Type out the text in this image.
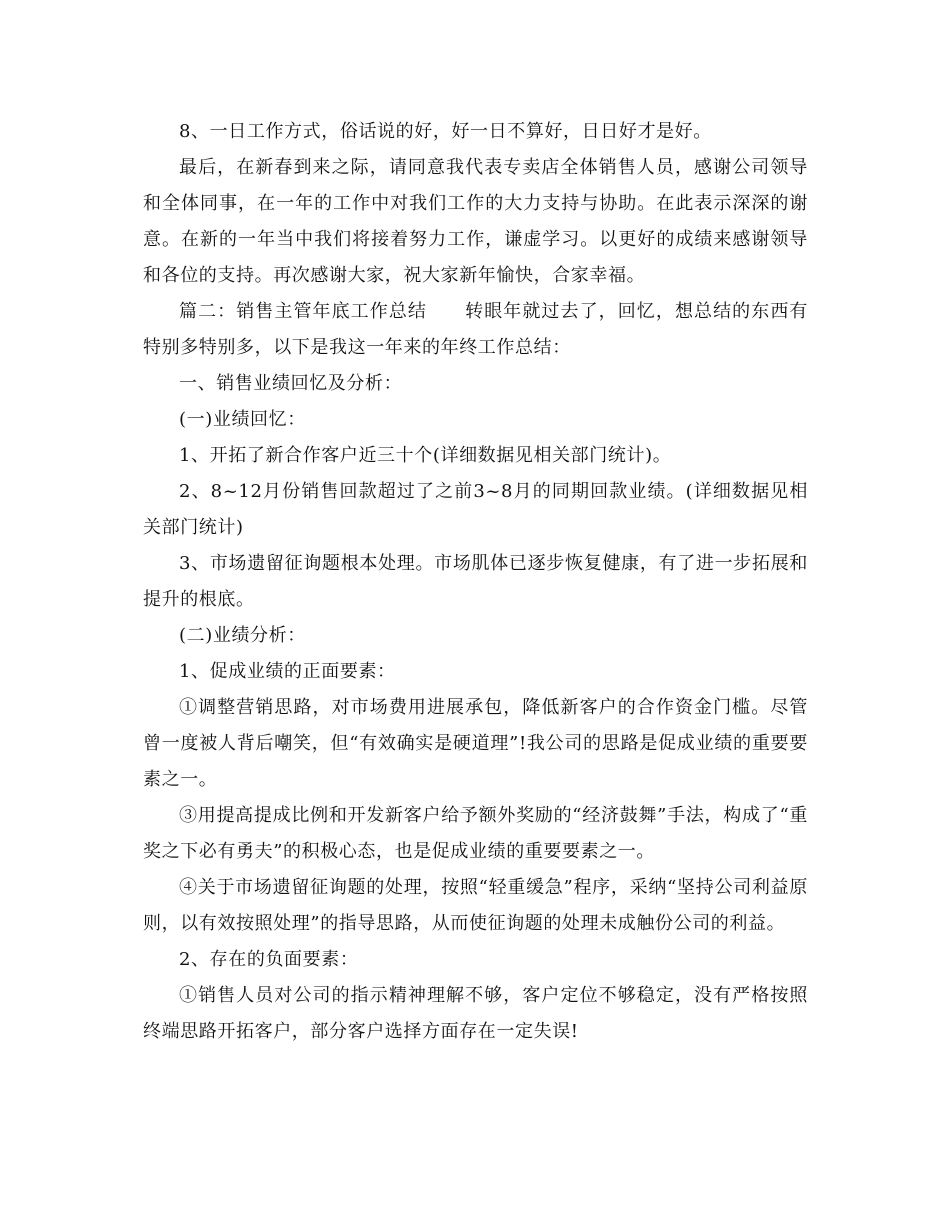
8、一日工作方式，俗话说的好，好一日不算好，日日好才是好。

最后，在新春到来之际，请同意我代表专卖店全体销售人员，感谢公司领导和全体同事，在一年的工作中对我们工作的大力支持与协助。在此表示深深的谢意。在新的一年当中我们将接着努力工作，谦虚学习。以更好的成绩来感谢领导和各位的支持。再次感谢大家，祝大家新年愉快，合家幸福。

篇二：销售主管年底工作总结　　转眼年就过去了，回忆，想总结的东西有特别多特别多，以下是我这一年来的年终工作总结：

一、销售业绩回忆及分析：

(一)业绩回忆：

1、开拓了新合作客户近三十个(详细数据见相关部门统计)。

2、8~12月份销售回款超过了之前3~8月的同期回款业绩。(详细数据见相关部门统计)

3、市场遗留征询题根本处理。市场肌体已逐步恢复健康，有了进一步拓展和提升的根底。

(二)业绩分析：

1、促成业绩的正面要素：

①调整营销思路，对市场费用进展承包，降低新客户的合作资金门槛。尽管曾一度被人背后嘲笑，但“有效确实是硬道理”!我公司的思路是促成业绩的重要要素之一。

③用提高提成比例和开发新客户给予额外奖励的“经济鼓舞”手法，构成了“重奖之下必有勇夫”的积极心态，也是促成业绩的重要要素之一。

④关于市场遗留征询题的处理，按照“轻重缓急”程序，采纳“坚持公司利益原则，以有效按照处理”的指导思路，从而使征询题的处理未成触份公司的利益。

2、存在的负面要素：

①销售人员对公司的指示精神理解不够，客户定位不够稳定，没有严格按照终端思路开拓客户，部分客户选择方面存在一定失误!
